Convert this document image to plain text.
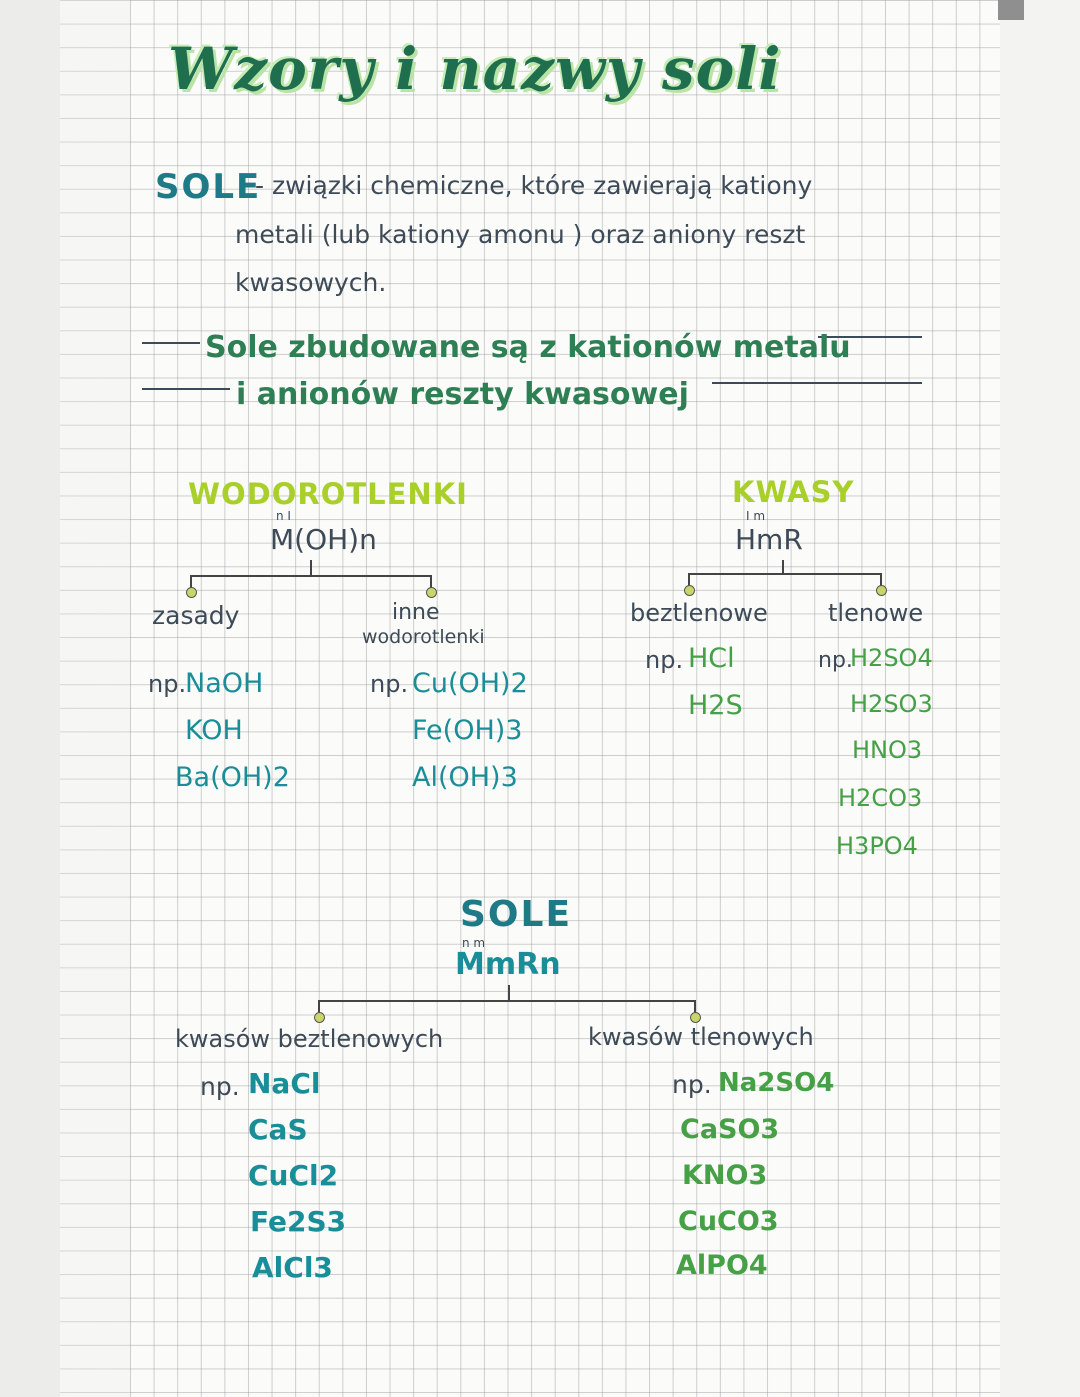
Wzory i nazwy soli
SOLE
- związki chemiczne, które zawierają kationy
metali (lub kationy amonu ) oraz aniony reszt
kwasowych.
Sole zbudowane są z kationów metalu
i anionów reszty kwasowej
WODOROTLENKI
n I
M(OH)n
zasady
np.
NaOH
KOH
Ba(OH)2
inne
wodorotlenki
np. Cu(OH)2
Fe(OH)3
Al(OH)3
KWASY
I m
HmR
beztlenowe
np. HCl
H2S
tlenowe
np.
H2SO4
H2SO3
HNO3
H2CO3
H3PO4
SOLE
n m
MmRn
kwasów beztlenowych
np. NaCl
CaS
CuCl2
Fe2S3
AlCl3
kwasów tlenowych
np. Na2SO4
CaSO3
KNO3
CuCO3
AlPO4
